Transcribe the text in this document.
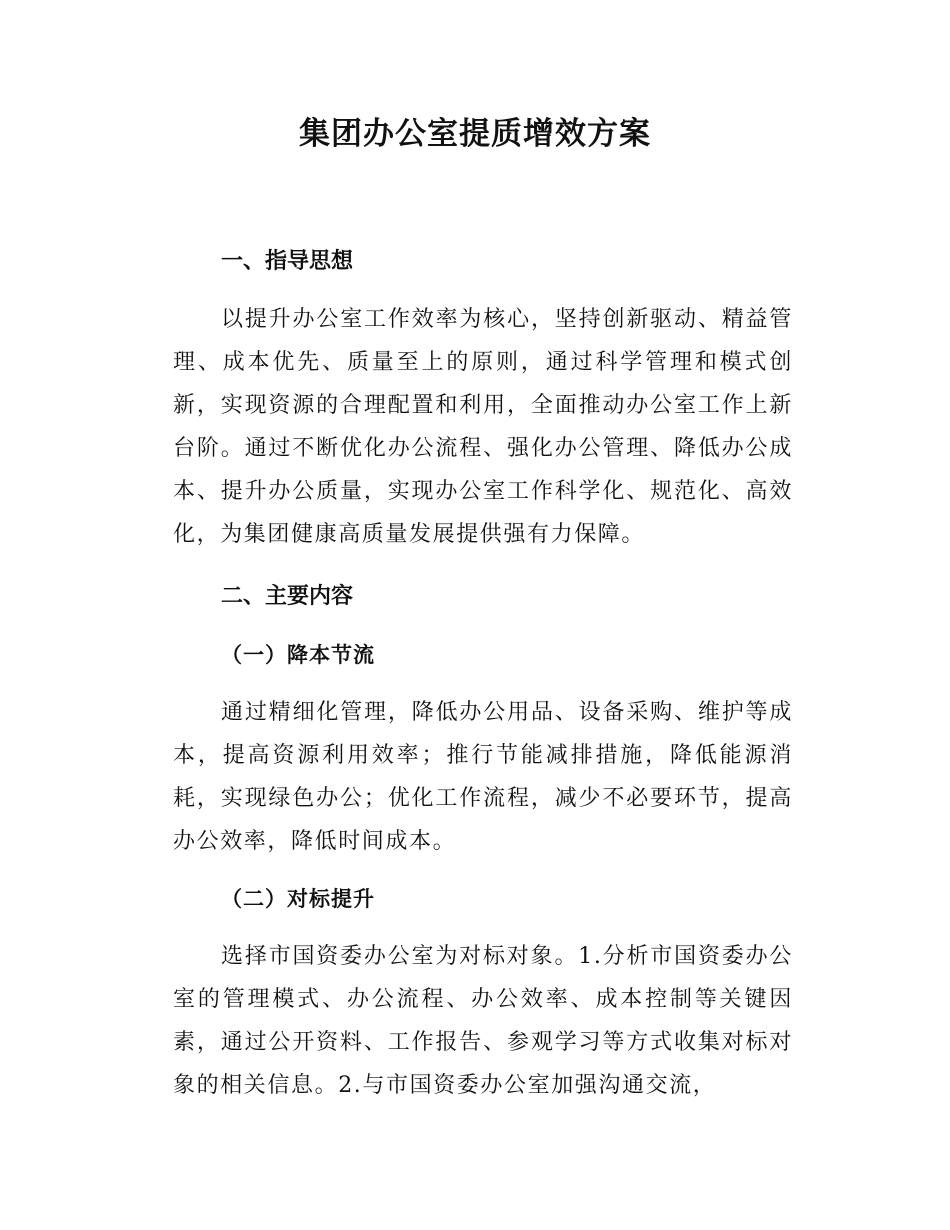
集团办公室提质增效方案
一、指导思想

以提升办公室工作效率为核心，坚持创新驱动、精益管理、成本优先、质量至上的原则，通过科学管理和模式创新，实现资源的合理配置和利用，全面推动办公室工作上新台阶。通过不断优化办公流程、强化办公管理、降低办公成本、提升办公质量，实现办公室工作科学化、规范化、高效化，为集团健康高质量发展提供强有力保障。

二、主要内容
（一）降本节流

通过精细化管理，降低办公用品、设备采购、维护等成本，提高资源利用效率；推行节能减排措施，降低能源消耗，实现绿色办公；优化工作流程，减少不必要环节，提高办公效率，降低时间成本。

（二）对标提升

选择市国资委办公室为对标对象。1.分析市国资委办公室的管理模式、办公流程、办公效率、成本控制等关键因素，通过公开资料、工作报告、参观学习等方式收集对标对象的相关信息。2.与市国资委办公室加强沟通交流，
